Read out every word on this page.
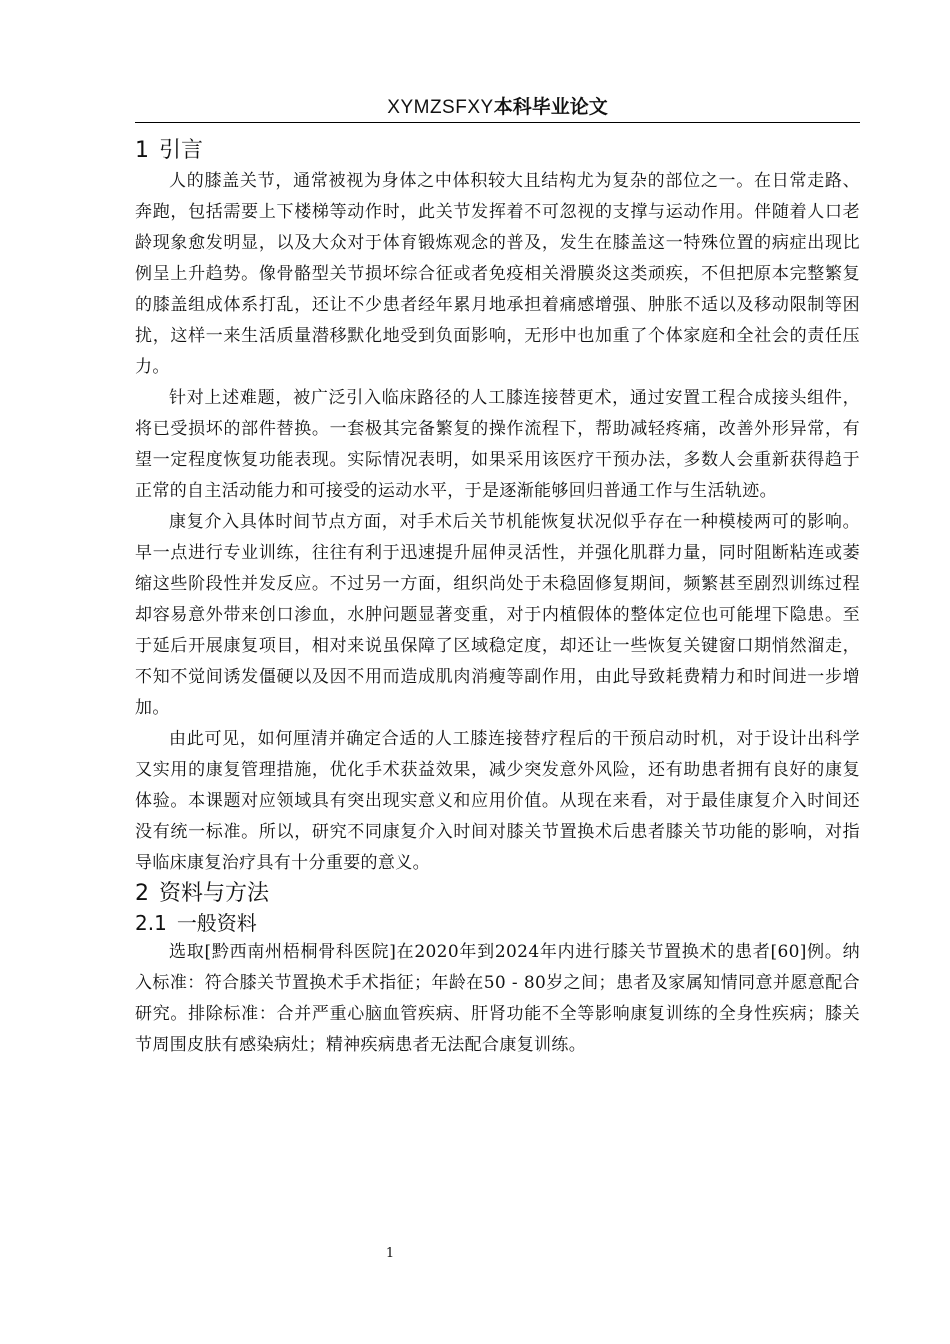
XYMZSFXY本科毕业论文
1 引言

人的膝盖关节，通常被视为身体之中体积较大且结构尤为复杂的部位之一。在日常走路、奔跑，包括需要上下楼梯等动作时，此关节发挥着不可忽视的支撑与运动作用。伴随着人口老龄现象愈发明显，以及大众对于体育锻炼观念的普及，发生在膝盖这一特殊位置的病症出现比例呈上升趋势。像骨骼型关节损坏综合征或者免疫相关滑膜炎这类顽疾，不但把原本完整繁复的膝盖组成体系打乱，还让不少患者经年累月地承担着痛感增强、肿胀不适以及移动限制等困扰，这样一来生活质量潜移默化地受到负面影响，无形中也加重了个体家庭和全社会的责任压力。

针对上述难题，被广泛引入临床路径的人工膝连接替更术，通过安置工程合成接头组件，将已受损坏的部件替换。一套极其完备繁复的操作流程下，帮助减轻疼痛，改善外形异常，有望一定程度恢复功能表现。实际情况表明，如果采用该医疗干预办法，多数人会重新获得趋于正常的自主活动能力和可接受的运动水平，于是逐渐能够回归普通工作与生活轨迹。

康复介入具体时间节点方面，对手术后关节机能恢复状况似乎存在一种模棱两可的影响。早一点进行专业训练，往往有利于迅速提升屈伸灵活性，并强化肌群力量，同时阻断粘连或萎缩这些阶段性并发反应。不过另一方面，组织尚处于未稳固修复期间，频繁甚至剧烈训练过程却容易意外带来创口渗血，水肿问题显著变重，对于内植假体的整体定位也可能埋下隐患。至于延后开展康复项目，相对来说虽保障了区域稳定度，却还让一些恢复关键窗口期悄然溜走，不知不觉间诱发僵硬以及因不用而造成肌肉消瘦等副作用，由此导致耗费精力和时间进一步增加。

由此可见，如何厘清并确定合适的人工膝连接替疗程后的干预启动时机，对于设计出科学又实用的康复管理措施，优化手术获益效果，减少突发意外风险，还有助患者拥有良好的康复体验。本课题对应领域具有突出现实意义和应用价值。从现在来看，对于最佳康复介入时间还没有统一标准。所以，研究不同康复介入时间对膝关节置换术后患者膝关节功能的影响，对指导临床康复治疗具有十分重要的意义。

2 资料与方法
2.1 一般资料

选取[黔西南州梧桐骨科医院]在2020年到2024年内进行膝关节置换术的患者[60]例。纳入标准：符合膝关节置换术手术指征；年龄在50 - 80岁之间；患者及家属知情同意并愿意配合研究。排除标准：合并严重心脑血管疾病、肝肾功能不全等影响康复训练的全身性疾病；膝关节周围皮肤有感染病灶；精神疾病患者无法配合康复训练。

1
